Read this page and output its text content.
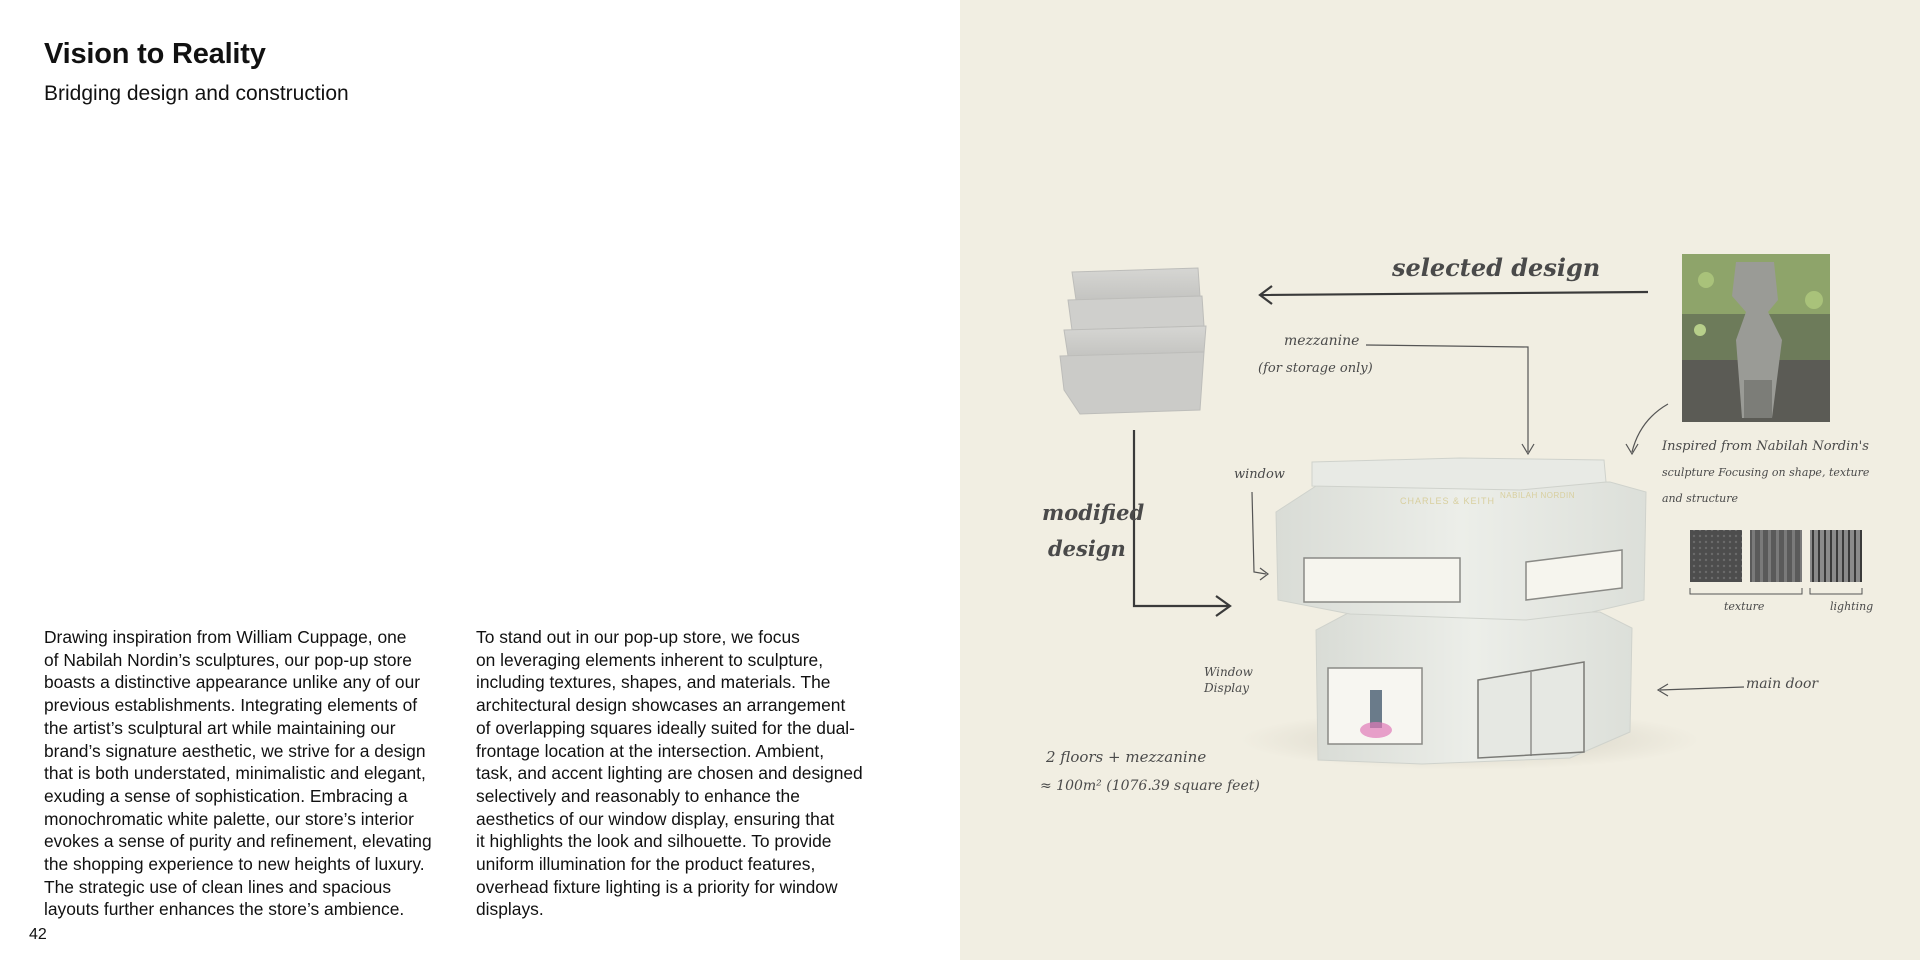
Vision to Reality
Bridging design and construction
Drawing inspiration from William Cuppage, one
of Nabilah Nordin’s sculptures, our pop-up store
boasts a distinctive appearance unlike any of our
previous establishments. Integrating elements of
the artist’s sculptural art while maintaining our
brand’s signature aesthetic, we strive for a design
that is both understated, minimalistic and elegant,
exuding a sense of sophistication. Embracing a
monochromatic white palette, our store’s interior
evokes a sense of purity and refinement, elevating
the shopping experience to new heights of luxury.
The strategic use of clean lines and spacious
layouts further enhances the store’s ambience.
To stand out in our pop-up store, we focus
on leveraging elements inherent to sculpture,
including textures, shapes, and materials. The
architectural design showcases an arrangement
of overlapping squares ideally suited for the dual-
frontage location at the intersection. Ambient,
task, and accent lighting are chosen and designed
selectively and reasonably to enhance the
aesthetics of our window display, ensuring that
it highlights the look and silhouette. To provide
uniform illumination for the product features,
overhead fixture lighting is a priority for window
displays.
42
CHARLES & KEITH
NABILAH NORDIN
selected design
modified
design
mezzanine
(for storage only)
window
Window
Display	main door
Inspired from Nabilah Nordin's
sculpture Focusing on shape, texture
and structure
texture	lighting
2 floors + mezzanine
≈ 100m² (1076.39 square feet)
